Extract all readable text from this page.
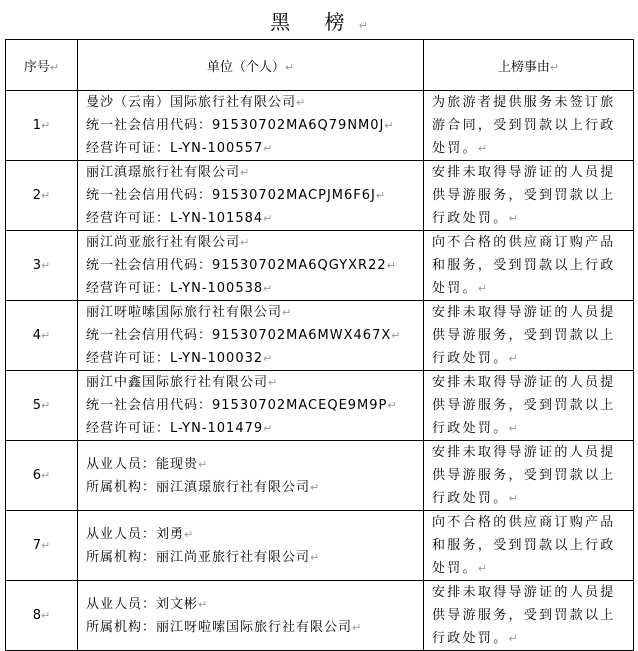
黑 榜↵
序号↵	单位（个人）↵	上榜事由↵
1↵	曼沙（云南）国际旅行社有限公司↵
统一社会信用代码：91530702MA6Q79NM0J↵
经营许可证：L-YN-100557↵	为旅游者提供服务未签订旅游合同，受到罚款以上行政处罚。↵
2↵	丽江滇璟旅行社有限公司↵
统一社会信用代码：91530702MACPJM6F6J↵
经营许可证：L-YN-101584↵	安排未取得导游证的人员提供导游服务，受到罚款以上行政处罚。↵
3↵	丽江尚亚旅行社有限公司↵
统一社会信用代码：91530702MA6QGYXR22↵
经营许可证：L-YN-100538↵	向不合格的供应商订购产品和服务，受到罚款以上行政处罚。↵
4↵	丽江呀啦嗦国际旅行社有限公司↵
统一社会信用代码：91530702MA6MWX467X↵
经营许可证：L-YN-100032↵	安排未取得导游证的人员提供导游服务，受到罚款以上行政处罚。↵
5↵	丽江中鑫国际旅行社有限公司↵
统一社会信用代码：91530702MACEQE9M9P↵
经营许可证：L-YN-101479↵	安排未取得导游证的人员提供导游服务，受到罚款以上行政处罚。↵
6↵	从业人员：能现贵↵
所属机构：丽江滇璟旅行社有限公司↵	安排未取得导游证的人员提供导游服务，受到罚款以上行政处罚。↵
7↵	从业人员：刘勇↵
所属机构：丽江尚亚旅行社有限公司↵	向不合格的供应商订购产品和服务，受到罚款以上行政处罚。↵
8↵	从业人员：刘文彬↵
所属机构：丽江呀啦嗦国际旅行社有限公司↵	安排未取得导游证的人员提供导游服务，受到罚款以上行政处罚。↵
